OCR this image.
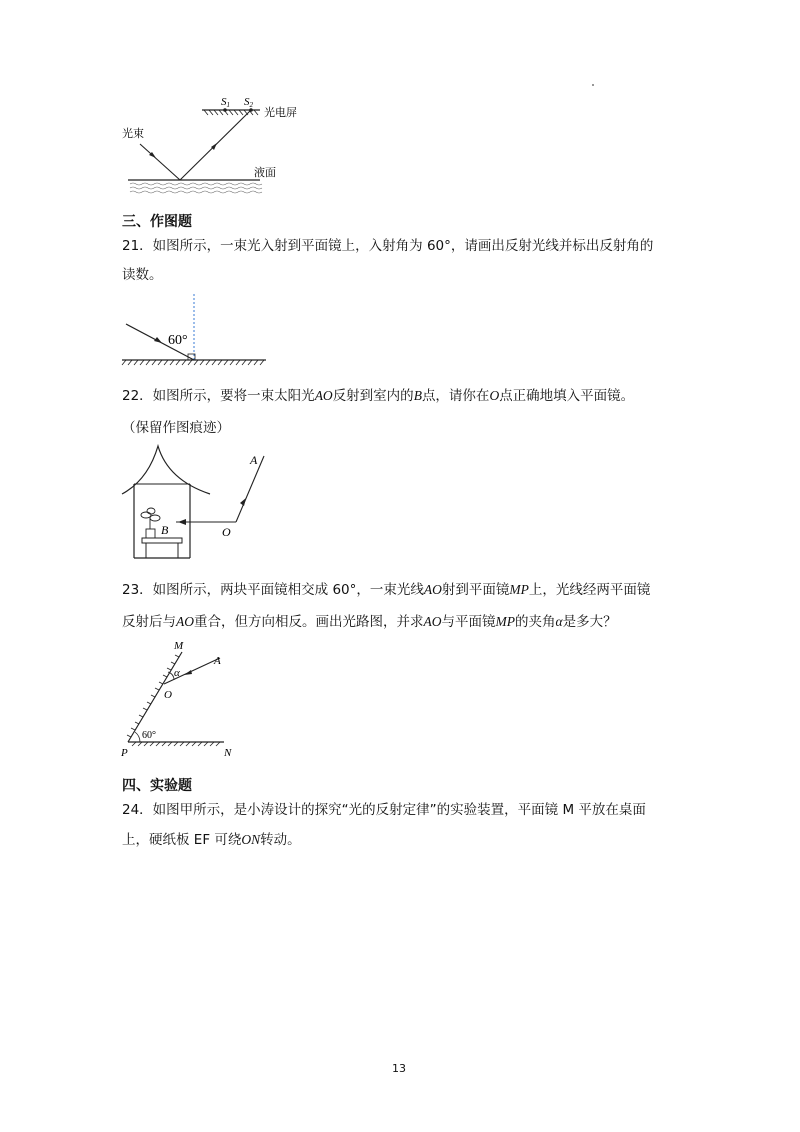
S1 S2
光电屏
光束
液面
三、作图题
21．如图所示，一束光入射到平面镜上，入射角为 60°，请画出反射光线并标出反射角的
读数。
60°
22．如图所示，要将一束太阳光AO反射到室内的B点，请你在O点正确地填入平面镜。
（保留作图痕迹）
B
A
O
23．如图所示，两块平面镜相交成 60°，一束光线AO射到平面镜MP上，光线经两平面镜
反射后与AO重合，但方向相反。画出光路图，并求AO与平面镜MP的夹角α是多大？
M
A
α
O
60°
P	N
四、实验题
24．如图甲所示，是小涛设计的探究“光的反射定律”的实验装置，平面镜 M 平放在桌面
上，硬纸板 EF 可绕ON转动。
13
